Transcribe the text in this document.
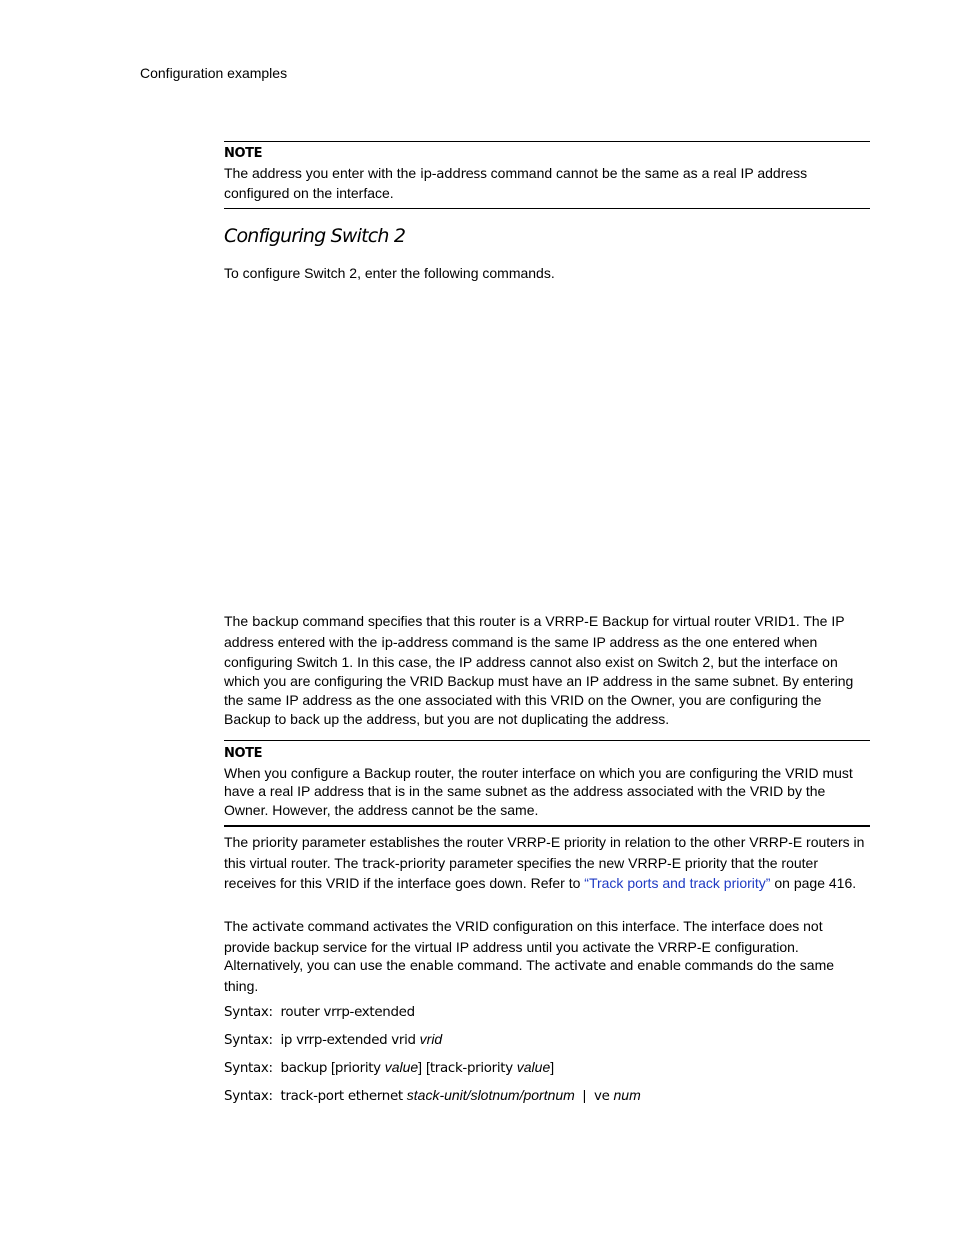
Configuration examples
NOTE

The address you enter with the ip-address command cannot be the same as a real IP address configured on the interface.

Configuring Switch 2
To configure Switch 2, enter the following commands.

The backup command specifies that this router is a VRRP-E Backup for virtual router VRID1. The IP address entered with the ip-address command is the same IP address as the one entered when configuring Switch 1. In this case, the IP address cannot also exist on Switch 2, but the interface on which you are configuring the VRID Backup must have an IP address in the same subnet. By entering the same IP address as the one associated with this VRID on the Owner, you are configuring the Backup to back up the address, but you are not duplicating the address.

NOTE

When you configure a Backup router, the router interface on which you are configuring the VRID must have a real IP address that is in the same subnet as the address associated with the VRID by the Owner. However, the address cannot be the same.

The priority parameter establishes the router VRRP-E priority in relation to the other VRRP-E routers in this virtual router. The track-priority parameter specifies the new VRRP-E priority that the router receives for this VRID if the interface goes down. Refer to “Track ports and track priority” on page 416.

The activate command activates the VRID configuration on this interface. The interface does not provide backup service for the virtual IP address until you activate the VRRP-E configuration. Alternatively, you can use the enable command. The activate and enable commands do the same thing.

Syntax: router vrrp-extended
Syntax: ip vrrp-extended vrid vrid
Syntax: backup [priority value] [track-priority value]
Syntax: track-port ethernet stack-unit/slotnum/portnum | ve num
